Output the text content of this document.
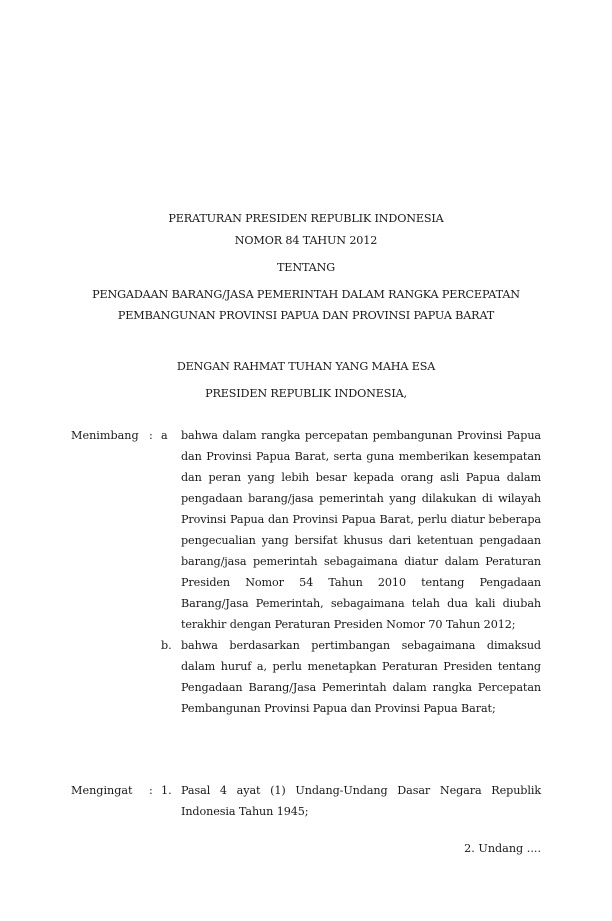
PERATURAN PRESIDEN REPUBLIK INDONESIA
NOMOR 84 TAHUN 2012
TENTANG
PENGADAAN BARANG/JASA PEMERINTAH DALAM RANGKA PERCEPATAN
PEMBANGUNAN PROVINSI PAPUA DAN PROVINSI PAPUA BARAT
DENGAN RAHMAT TUHAN YANG MAHA ESA
PRESIDEN REPUBLIK INDONESIA,
Menimbang : a	bahwa dalam rangka percepatan pembangunan Provinsi Papua dan Provinsi Papua Barat, serta guna memberikan kesempatan dan peran yang lebih besar kepada orang asli Papua dalam pengadaan barang/jasa pemerintah yang dilakukan di wilayah Provinsi Papua dan Provinsi Papua Barat, perlu diatur beberapa pengecualian yang bersifat khusus dari ketentuan pengadaan barang/jasa pemerintah sebagaimana diatur dalam Peraturan Presiden Nomor 54 Tahun 2010 tentang Pengadaan Barang/Jasa Pemerintah, sebagaimana telah dua kali diubah terakhir dengan Peraturan Presiden Nomor 70 Tahun 2012;
b. bahwa berdasarkan pertimbangan sebagaimana dimaksud dalam huruf a, perlu menetapkan Peraturan Presiden tentang Pengadaan Barang/Jasa Pemerintah dalam rangka Percepatan Pembangunan Provinsi Papua dan Provinsi Papua Barat;
Mengingat	: 1. Pasal 4 ayat (1) Undang-Undang Dasar Negara Republik Indonesia Tahun 1945;
2. Undang ....
